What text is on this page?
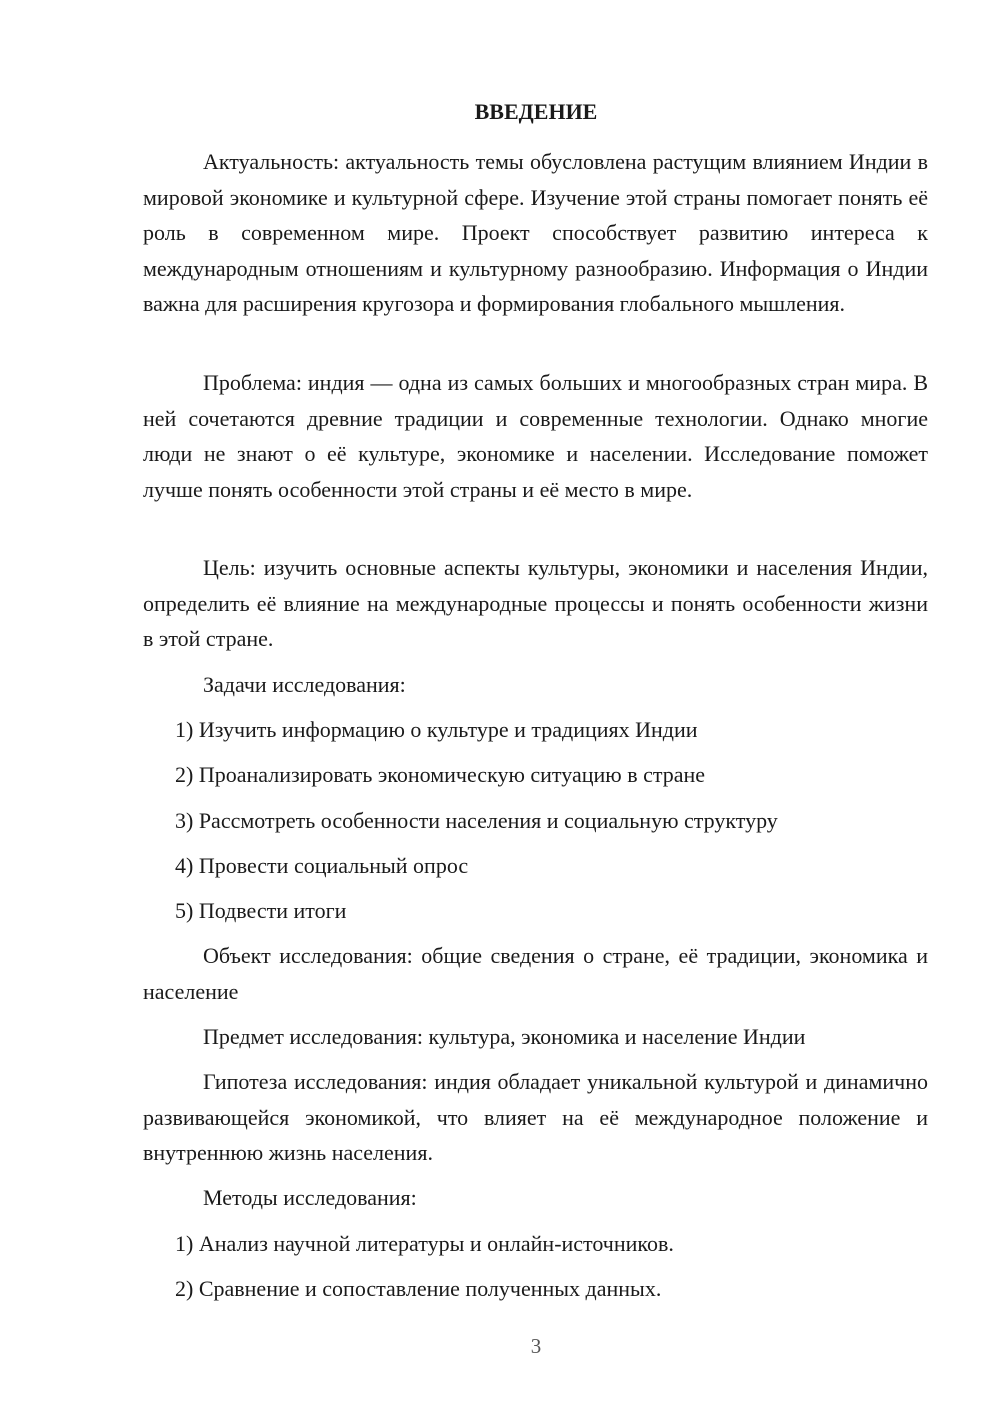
ВВЕДЕНИЕ

Актуальность: актуальность темы обусловлена растущим влиянием Индии в мировой экономике и культурной сфере. Изучение этой страны помогает понять её роль в современном мире. Проект способствует развитию интереса к международным отношениям и культурному разнообразию. Информация о Индии важна для расширения кругозора и формирования глобального мышления.

Проблема: индия — одна из самых больших и многообразных стран мира. В ней сочетаются древние традиции и современные технологии. Однако многие люди не знают о её культуре, экономике и населении. Исследование поможет лучше понять особенности этой страны и её место в мире.

Цель: изучить основные аспекты культуры, экономики и населения Индии, определить её влияние на международные процессы и понять особенности жизни в этой стране.

Задачи исследования:
1) Изучить информацию о культуре и традициях Индии
2) Проанализировать экономическую ситуацию в стране
3) Рассмотреть особенности населения и социальную структуру
4) Провести социальный опрос
5) Подвести итоги

Объект исследования: общие сведения о стране, её традиции, экономика и население

Предмет исследования: культура, экономика и население Индии

Гипотеза исследования: индия обладает уникальной культурой и динамично развивающейся экономикой, что влияет на её международное положение и внутреннюю жизнь населения.

Методы исследования:
1) Анализ научной литературы и онлайн-источников.
2) Сравнение и сопоставление полученных данных.
3
